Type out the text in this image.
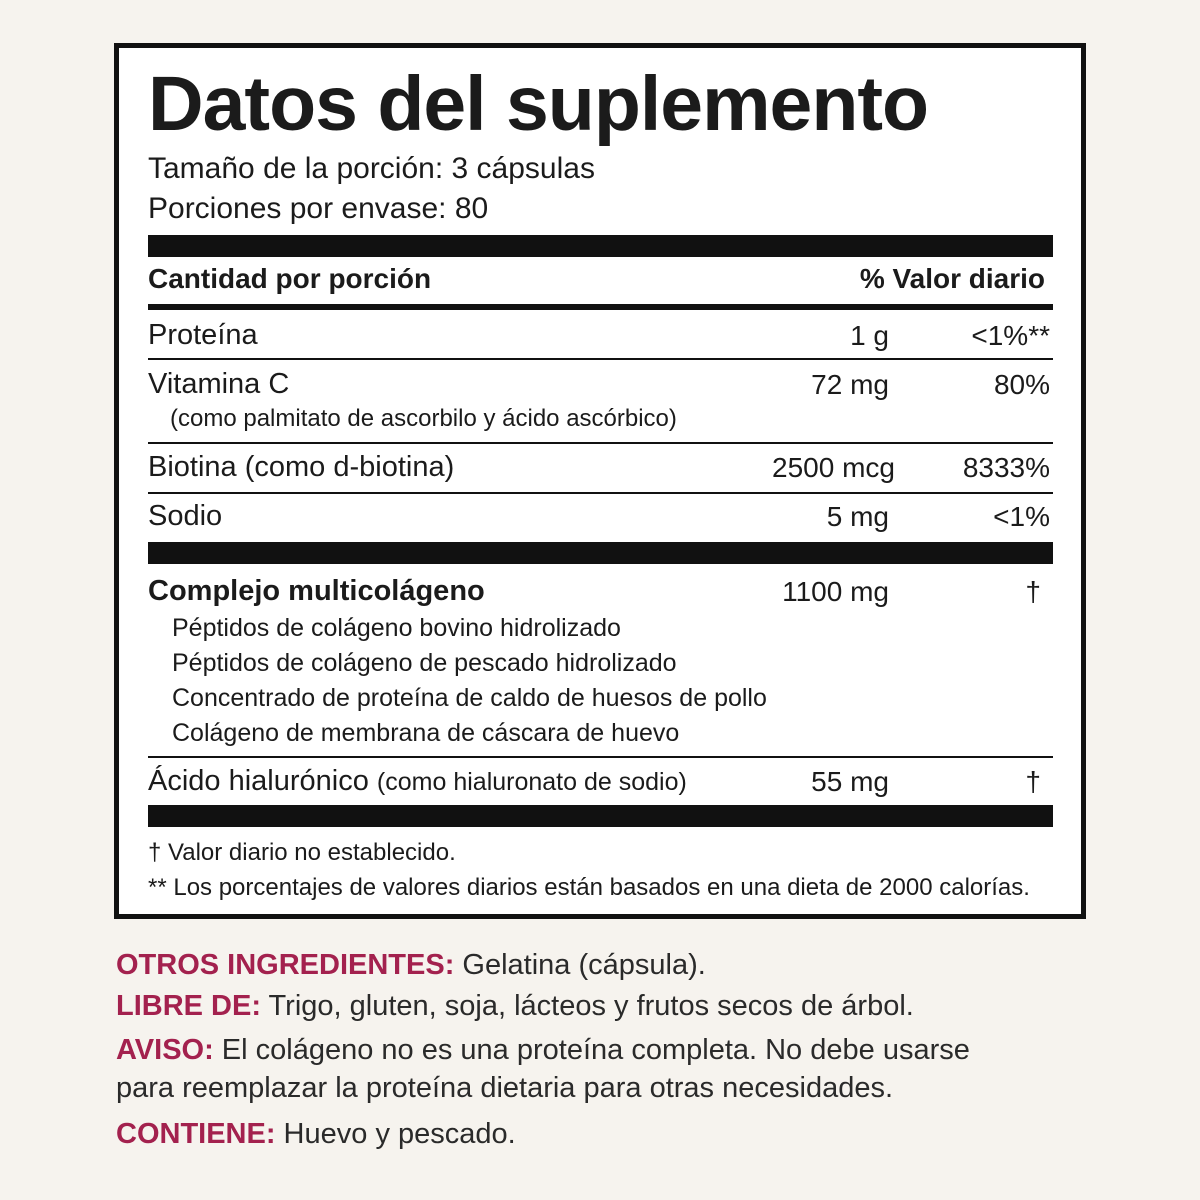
Datos del suplemento
Tamaño de la porción: 3 cápsulas
Porciones por envase: 80
Cantidad por porción	% Valor diario
Proteína	1 g	<1%**
Vitamina C
(como palmitato de ascorbilo y ácido ascórbico)
72 mg	80%
Biotina (como d-biotina)	2500 mcg 8333%
Sodio	5 mg	<1%
Complejo multicolágeno	1100 mg	†
Péptidos de colágeno bovino hidrolizado
Péptidos de colágeno de pescado hidrolizado
Concentrado de proteína de caldo de huesos de pollo
Colágeno de membrana de cáscara de huevo
Ácido hialurónico (como hialuronato de sodio)	55 mg	†
† Valor diario no establecido.
** Los porcentajes de valores diarios están basados en una dieta de 2000 calorías.
OTROS INGREDIENTES: Gelatina (cápsula).
LIBRE DE: Trigo, gluten, soja, lácteos y frutos secos de árbol.
AVISO: El colágeno no es una proteína completa. No debe usarse
para reemplazar la proteína dietaria para otras necesidades.
CONTIENE: Huevo y pescado.
